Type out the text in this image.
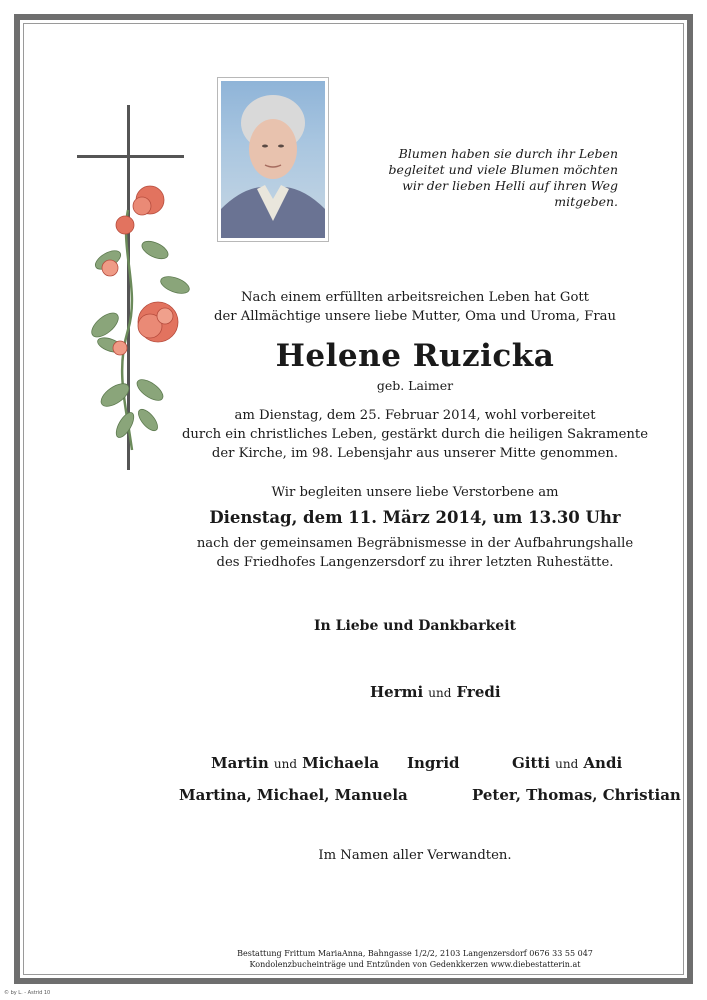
Blumen haben sie durch ihr Leben
begleitet und viele Blumen möchten
wir der lieben Helli auf ihren Weg mitgeben.
Nach einem erfüllten arbeitsreichen Leben hat Gott
der Allmächtige unsere liebe Mutter, Oma und Uroma, Frau
Helene Ruzicka
geb. Laimer
am Dienstag, dem 25. Februar 2014, wohl vorbereitet
durch ein christliches Leben, gestärkt durch die heiligen Sakramente
der Kirche, im 98. Lebensjahr aus unserer Mitte genommen.
Wir begleiten unsere liebe Verstorbene am
Dienstag, dem 11. März 2014, um 13.30 Uhr
nach der gemeinsamen Begräbnismesse in der Aufbahrungshalle
des Friedhofes Langenzersdorf zu ihrer letzten Ruhestätte.
In Liebe und Dankbarkeit
Hermi und Fredi
Martin und Michaela Ingrid	Gitti und Andi
Martina, Michael, Manuela	Peter, Thomas, Christian
Im Namen aller Verwandten.
Bestattung Frittum MariaAnna, Bahngasse 1/2/2, 2103 Langenzersdorf 0676 33 55 047
Kondolenzbucheinträge und Entzünden von Gedenkkerzen www.diebestatterin.at
© by L. - Astrid 10
